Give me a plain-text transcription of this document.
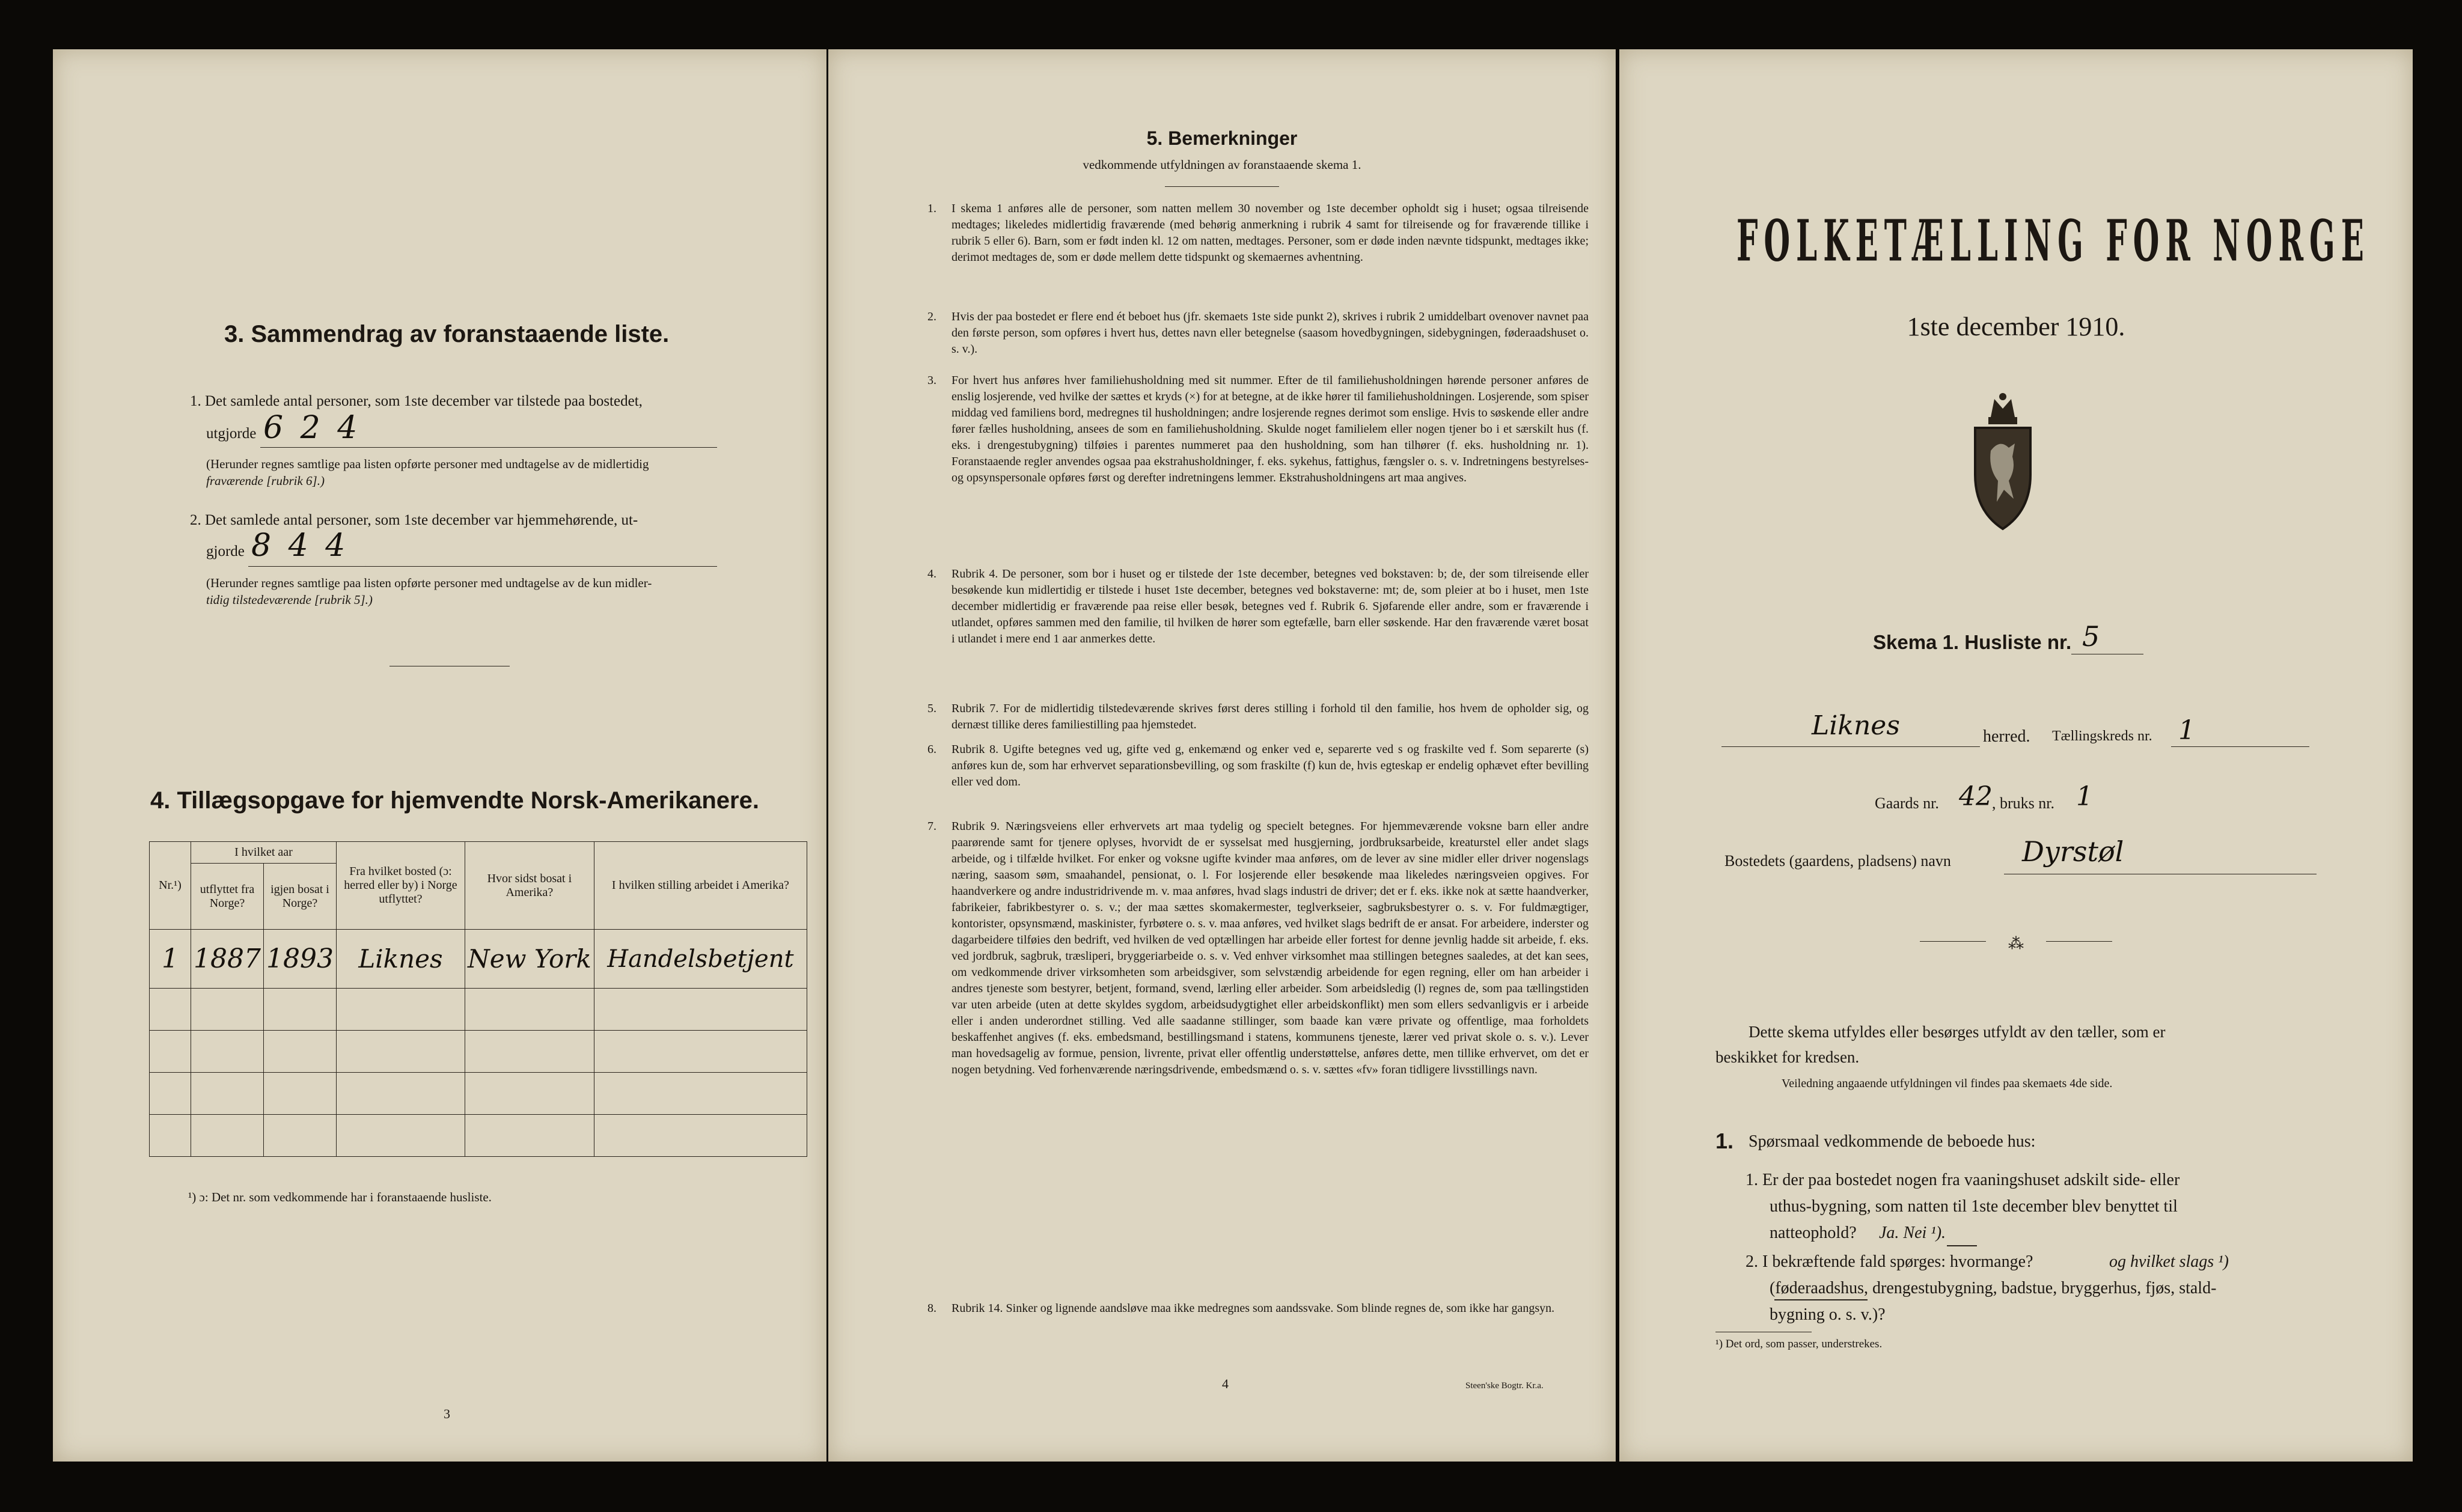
3. Sammendrag av foranstaaende liste.
1. Det samlede antal personer, som 1ste december var tilstede paa bostedet,
utgjorde 6 2 4
(Herunder regnes samtlige paa listen opførte personer med undtagelse av de midlertidig
fraværende [rubrik 6].)
2. Det samlede antal personer, som 1ste december var hjemmehørende, ut-
gjorde 8 4 4
(Herunder regnes samtlige paa listen opførte personer med undtagelse av de kun midler-
tidig tilstedeværende [rubrik 5].)
4. Tillægsopgave for hjemvendte Norsk-Amerikanere.
Nr.¹)	I hvilket aar		Fra hvilket bosted (ɔ: herred eller by) i Norge utflyttet?	Hvor sidst bosat i Amerika?	I hvilken stilling arbeidet i Amerika?
	utflyttet fra Norge?	igjen bosat i Norge?			
1	1887	1893	Liknes	New York	Handelsbetjent

¹) ɔ: Det nr. som vedkommende har i foranstaaende husliste.
3
5. Bemerkninger
vedkommende utfyldningen av foranstaaende skema 1.
1. I skema 1 anføres alle de personer, som natten mellem 30 november og 1ste december opholdt sig i huset; ogsaa tilreisende medtages; likeledes midlertidig fraværende (med behørig anmerkning i rubrik 4 samt for tilreisende og for fraværende tillike i rubrik 5 eller 6). Barn, som er født inden kl. 12 om natten, medtages. Personer, som er døde inden nævnte tidspunkt, medtages ikke; derimot medtages de, som er døde mellem dette tidspunkt og skemaernes avhentning.
2. Hvis der paa bostedet er flere end ét beboet hus (jfr. skemaets 1ste side punkt 2), skrives i rubrik 2 umiddelbart ovenover navnet paa den første person, som opføres i hvert hus, dettes navn eller betegnelse (saasom hovedbygningen, sidebygningen, føderaadshuset o. s. v.).
3. For hvert hus anføres hver familiehusholdning med sit nummer. Efter de til familiehusholdningen hørende personer anføres de enslig losjerende, ved hvilke der sættes et kryds (×) for at betegne, at de ikke hører til familiehusholdningen. Losjerende, som spiser middag ved familiens bord, medregnes til husholdningen; andre losjerende regnes derimot som enslige. Hvis to søskende eller andre fører fælles husholdning, ansees de som en familiehusholdning. Skulde noget familielem eller nogen tjener bo i et særskilt hus (f. eks. i drengestubygning) tilføies i parentes nummeret paa den husholdning, som han tilhører (f. eks. husholdning nr. 1). Foranstaaende regler anvendes ogsaa paa ekstrahusholdninger, f. eks. sykehus, fattighus, fængsler o. s. v. Indretningens bestyrelses- og opsynspersonale opføres først og derefter indretningens lemmer. Ekstrahusholdningens art maa angives.
4. Rubrik 4. De personer, som bor i huset og er tilstede der 1ste december, betegnes ved bokstaven: b; de, der som tilreisende eller besøkende kun midlertidig er tilstede i huset 1ste december, betegnes ved bokstaverne: mt; de, som pleier at bo i huset, men 1ste december midlertidig er fraværende paa reise eller besøk, betegnes ved f. Rubrik 6. Sjøfarende eller andre, som er fraværende i utlandet, opføres sammen med den familie, til hvilken de hører som egtefælle, barn eller søskende. Har den fraværende været bosat i utlandet i mere end 1 aar anmerkes dette.
5. Rubrik 7. For de midlertidig tilstedeværende skrives først deres stilling i forhold til den familie, hos hvem de opholder sig, og dernæst tillike deres familiestilling paa hjemstedet.
6. Rubrik 8. Ugifte betegnes ved ug, gifte ved g, enkemænd og enker ved e, separerte ved s og fraskilte ved f. Som separerte (s) anføres kun de, som har erhvervet separationsbevilling, og som fraskilte (f) kun de, hvis egteskap er endelig ophævet efter bevilling eller ved dom.
7. Rubrik 9. Næringsveiens eller erhvervets art maa tydelig og specielt betegnes. For hjemmeværende voksne barn eller andre paarørende samt for tjenere oplyses, hvorvidt de er sysselsat med husgjerning, jordbruksarbeide, kreaturstel eller andet slags arbeide, og i tilfælde hvilket. For enker og voksne ugifte kvinder maa anføres, om de lever av sine midler eller driver nogenslags næring, saasom søm, smaahandel, pensionat, o. l. For losjerende eller besøkende maa likeledes næringsveien opgives. For haandverkere og andre industridrivende m. v. maa anføres, hvad slags industri de driver; det er f. eks. ikke nok at sætte haandverker, fabrikeier, fabrikbestyrer o. s. v.; der maa sættes skomakermester, teglverkseier, sagbruksbestyrer o. s. v. For fuldmægtiger, kontorister, opsynsmænd, maskinister, fyrbøtere o. s. v. maa anføres, ved hvilket slags bedrift de er ansat. For arbeidere, inderster og dagarbeidere tilføies den bedrift, ved hvilken de ved optællingen har arbeide eller fortest for denne jevnlig hadde sit arbeide, f. eks. ved jordbruk, sagbruk, træsliperi, bryggeriarbeide o. s. v. Ved enhver virksomhet maa stillingen betegnes saaledes, at det kan sees, om vedkommende driver virksomheten som arbeidsgiver, som selvstændig arbeidende for egen regning, eller om han arbeider i andres tjeneste som bestyrer, betjent, formand, svend, lærling eller arbeider. Som arbeidsledig (l) regnes de, som paa tællingstiden var uten arbeide (uten at dette skyldes sygdom, arbeidsudygtighet eller arbeidskonflikt) men som ellers sedvanligvis er i arbeide eller i anden underordnet stilling. Ved alle saadanne stillinger, som baade kan være private og offentlige, maa forholdets beskaffenhet angives (f. eks. embedsmand, bestillingsmand i statens, kommunens tjeneste, lærer ved privat skole o. s. v.). Lever man hovedsagelig av formue, pension, livrente, privat eller offentlig understøttelse, anføres dette, men tillike erhvervet, om det er nogen betydning. Ved forhenværende næringsdrivende, embedsmænd o. s. v. sættes «fv» foran tidligere livsstillings navn.
8. Rubrik 14. Sinker og lignende aandsløve maa ikke medregnes som aandssvake. Som blinde regnes de, som ikke har gangsyn.
4	Steen'ske Bogtr. Kr.a.
FOLKETÆLLING FOR NORGE
1ste december 1910.
Skema 1. Husliste nr. 5
Liknes	herred. Tællingskreds nr. 1
Gaards nr. 42 , bruks nr. 1
Bostedets (gaardens, pladsens) navn	Dyrstøl
⁂
Dette skema utfyldes eller besørges utfyldt av den tæller, som er
beskikket for kredsen.
Veiledning angaaende utfyldningen vil findes paa skemaets 4de side.
1. Spørsmaal vedkommende de beboede hus:
1. Er der paa bostedet nogen fra vaaningshuset adskilt side- eller
uthus-bygning, som natten til 1ste december blev benyttet til
natteophold? Ja. Nei ¹).
2. I bekræftende fald spørges: hvormange?	og hvilket slags ¹)
(føderaadshus, drengestubygning, badstue, bryggerhus, fjøs, stald-
bygning o. s. v.)?
¹) Det ord, som passer, understrekes.
